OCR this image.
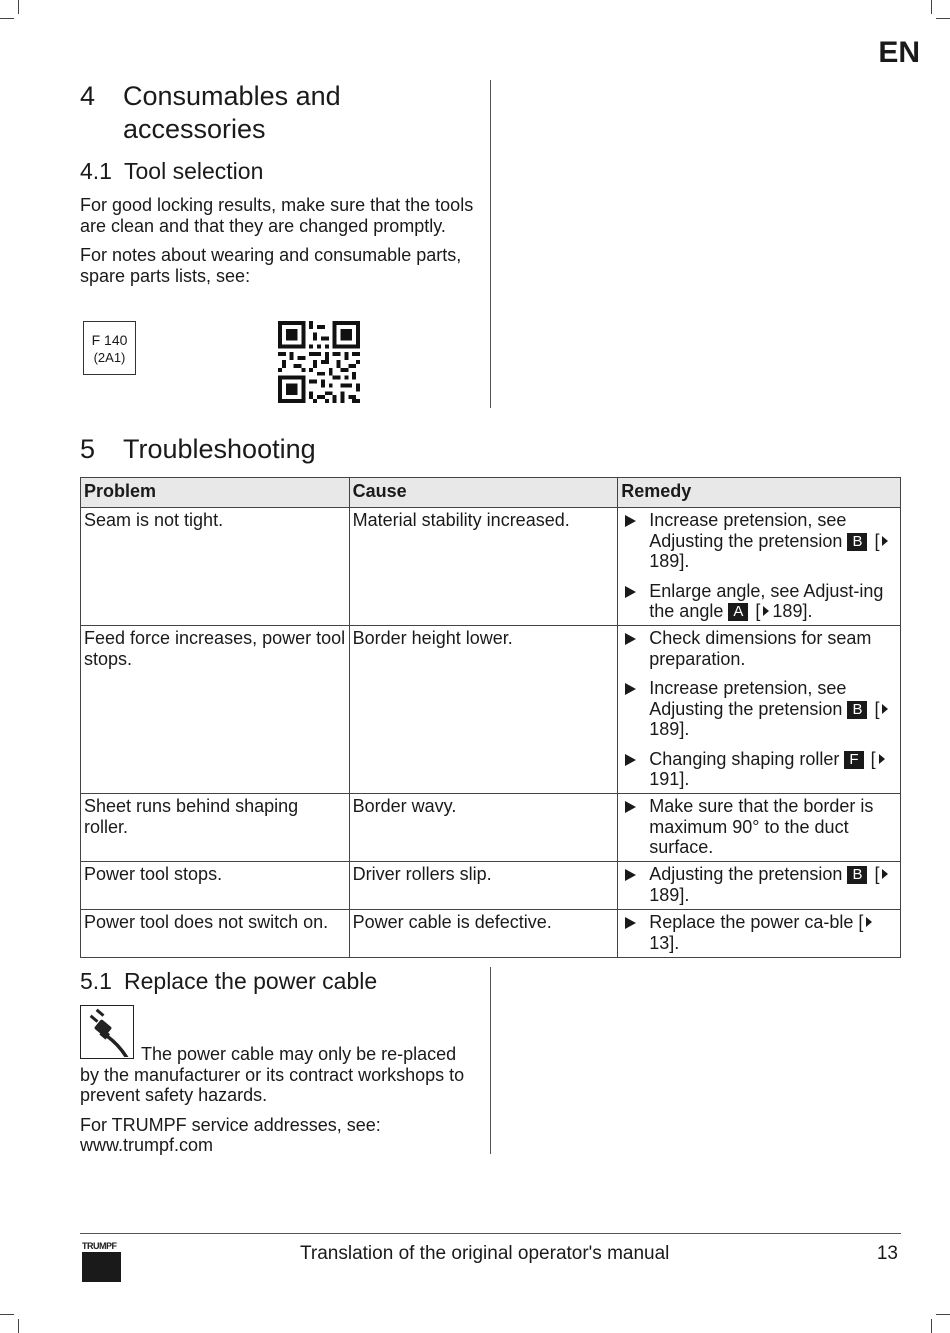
EN
4 Consumables and
accessories
4.1 Tool selection

For good locking results, make sure that the tools are clean and that they are changed promptly.

For notes about wearing and consumable parts, spare parts lists, see:

F 140
(2A1)
5 Troubleshooting
Problem	Cause	Remedy
Seam is not tight.	Material stability increased.	Increase pretension, see Adjusting the pretension B [189].
Enlarge angle, see Adjust-ing the angle A [ 189].

Feed force increases, power tool stops.	Border height lower.	Check dimensions for seam preparation.
Increase pretension, see Adjusting the pretension B [189].
Changing shaping roller F [191].

Sheet runs behind shaping roller.	Border wavy.	Make sure that the border is maximum 90° to the duct surface.

Power tool stops.	Driver rollers slip.	Adjusting the pretension B [189].

Power tool does not switch on.	Power cable is defective.	Replace the power ca-ble [13].
5.1 Replace the power cable

The power cable may only be re-placed by the manufacturer or its contract workshops to prevent safety hazards.

For TRUMPF service addresses, see:
www.trumpf.com

TRUMPF	Translation of the original operator's manual	13
